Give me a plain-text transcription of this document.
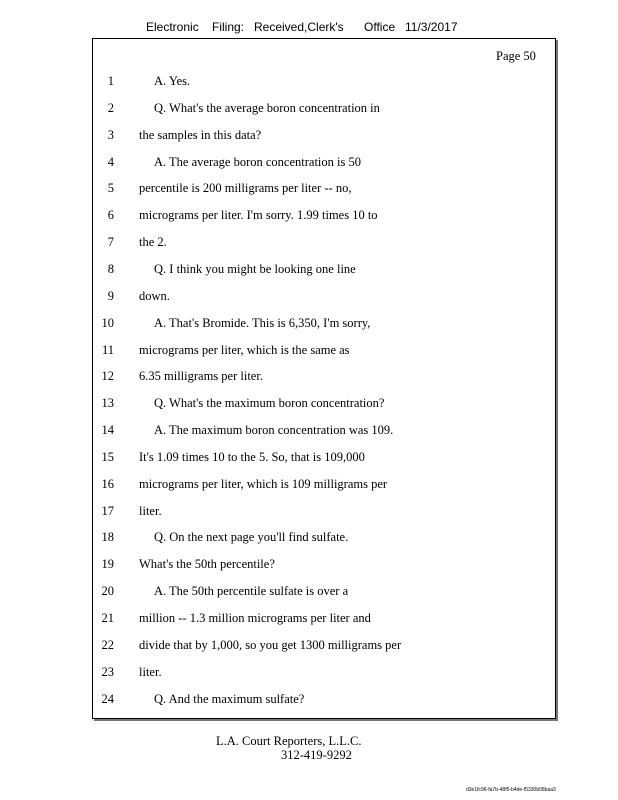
Electronic Filing: Received,Clerk's Office 11/3/2017
Page 50
1	A. Yes.
2	Q. What's the average boron concentration in
3 the samples in this data?
4	A. The average boron concentration is 50
5 percentile is 200 milligrams per liter -- no,
6 micrograms per liter. I'm sorry. 1.99 times 10 to
7 the 2.
8	Q. I think you might be looking one line
9 down.
10	A. That's Bromide. This is 6,350, I'm sorry,
11 micrograms per liter, which is the same as
12 6.35 milligrams per liter.
13	Q. What's the maximum boron concentration?
14	A. The maximum boron concentration was 109.
15 It's 1.09 times 10 to the 5. So, that is 109,000
16 micrograms per liter, which is 109 milligrams per
17 liter.
18	Q. On the next page you'll find sulfate.
19 What's the 50th percentile?
20	A. The 50th percentile sulfate is over a
21 million -- 1.3 million micrograms per liter and
22 divide that by 1,000, so you get 1300 milligrams per
23 liter.
24	Q. And the maximum sulfate?
L.A. Court Reporters, L.L.C.
312-419-9292
d3e1fc96-fa7b-48f5-b4de-f5330b08baa3
